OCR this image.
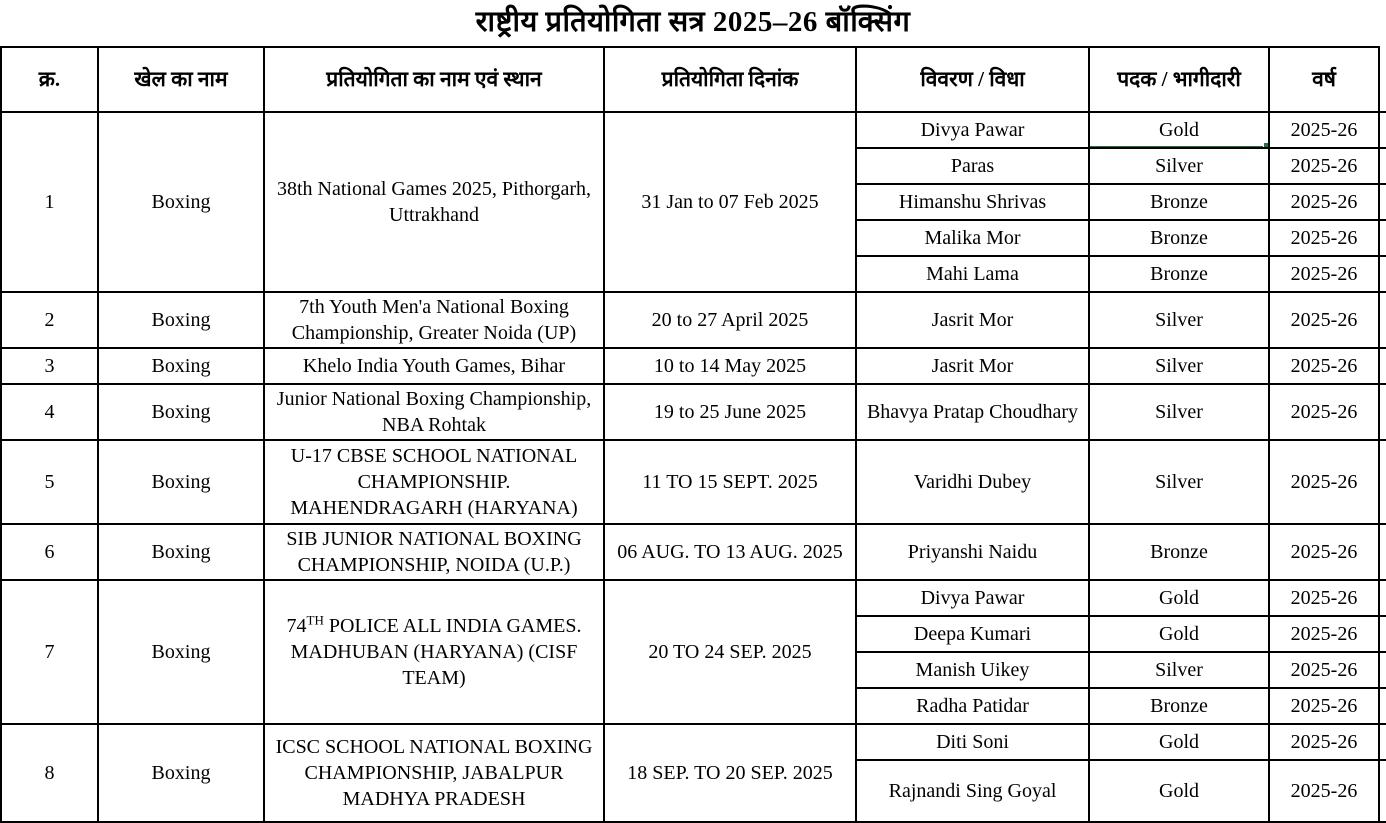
राष्ट्रीय प्रतियोगिता सत्र 2025–26 बॉक्सिंग
क्र.	खेल का नाम	प्रतियोगिता का नाम एवं स्थान	प्रतियोगिता दिनांक	विवरण / विधा	पदक / भागीदारी	वर्ष	
1	Boxing	38th National Games 2025, Pithorgarh, Uttrakhand	31 Jan to 07 Feb 2025	Divya Pawar	Gold	2025-26	
				Paras	Silver	2025-26	
				Himanshu Shrivas	Bronze	2025-26	
				Malika Mor	Bronze	2025-26	
				Mahi Lama	Bronze	2025-26	
2	Boxing	7th Youth Men'a National Boxing Championship, Greater Noida (UP)	20 to 27 April 2025	Jasrit Mor	Silver	2025-26	
3	Boxing	Khelo India Youth Games, Bihar	10 to 14 May 2025	Jasrit Mor	Silver	2025-26	
4	Boxing	Junior National Boxing Championship, NBA Rohtak	19 to 25 June 2025	Bhavya Pratap Choudhary	Silver	2025-26	
5	Boxing	U-17 CBSE SCHOOL NATIONAL CHAMPIONSHIP. MAHENDRAGARH (HARYANA)	11 TO 15 SEPT. 2025	Varidhi Dubey	Silver	2025-26	
6	Boxing	SIB JUNIOR NATIONAL BOXING CHAMPIONSHIP, NOIDA (U.P.)	06 AUG. TO 13 AUG. 2025	Priyanshi Naidu	Bronze	2025-26	
7	Boxing	74TH POLICE ALL INDIA GAMES. MADHUBAN (HARYANA) (CISF TEAM)	20 TO 24 SEP. 2025	Divya Pawar	Gold	2025-26	
				Deepa Kumari	Gold	2025-26	
				Manish Uikey	Silver	2025-26	
				Radha Patidar	Bronze	2025-26	
8	Boxing	ICSC SCHOOL NATIONAL BOXING CHAMPIONSHIP, JABALPUR MADHYA PRADESH	18 SEP. TO 20 SEP. 2025	Diti Soni	Gold	2025-26	
				Rajnandi Sing Goyal	Gold	2025-26	
